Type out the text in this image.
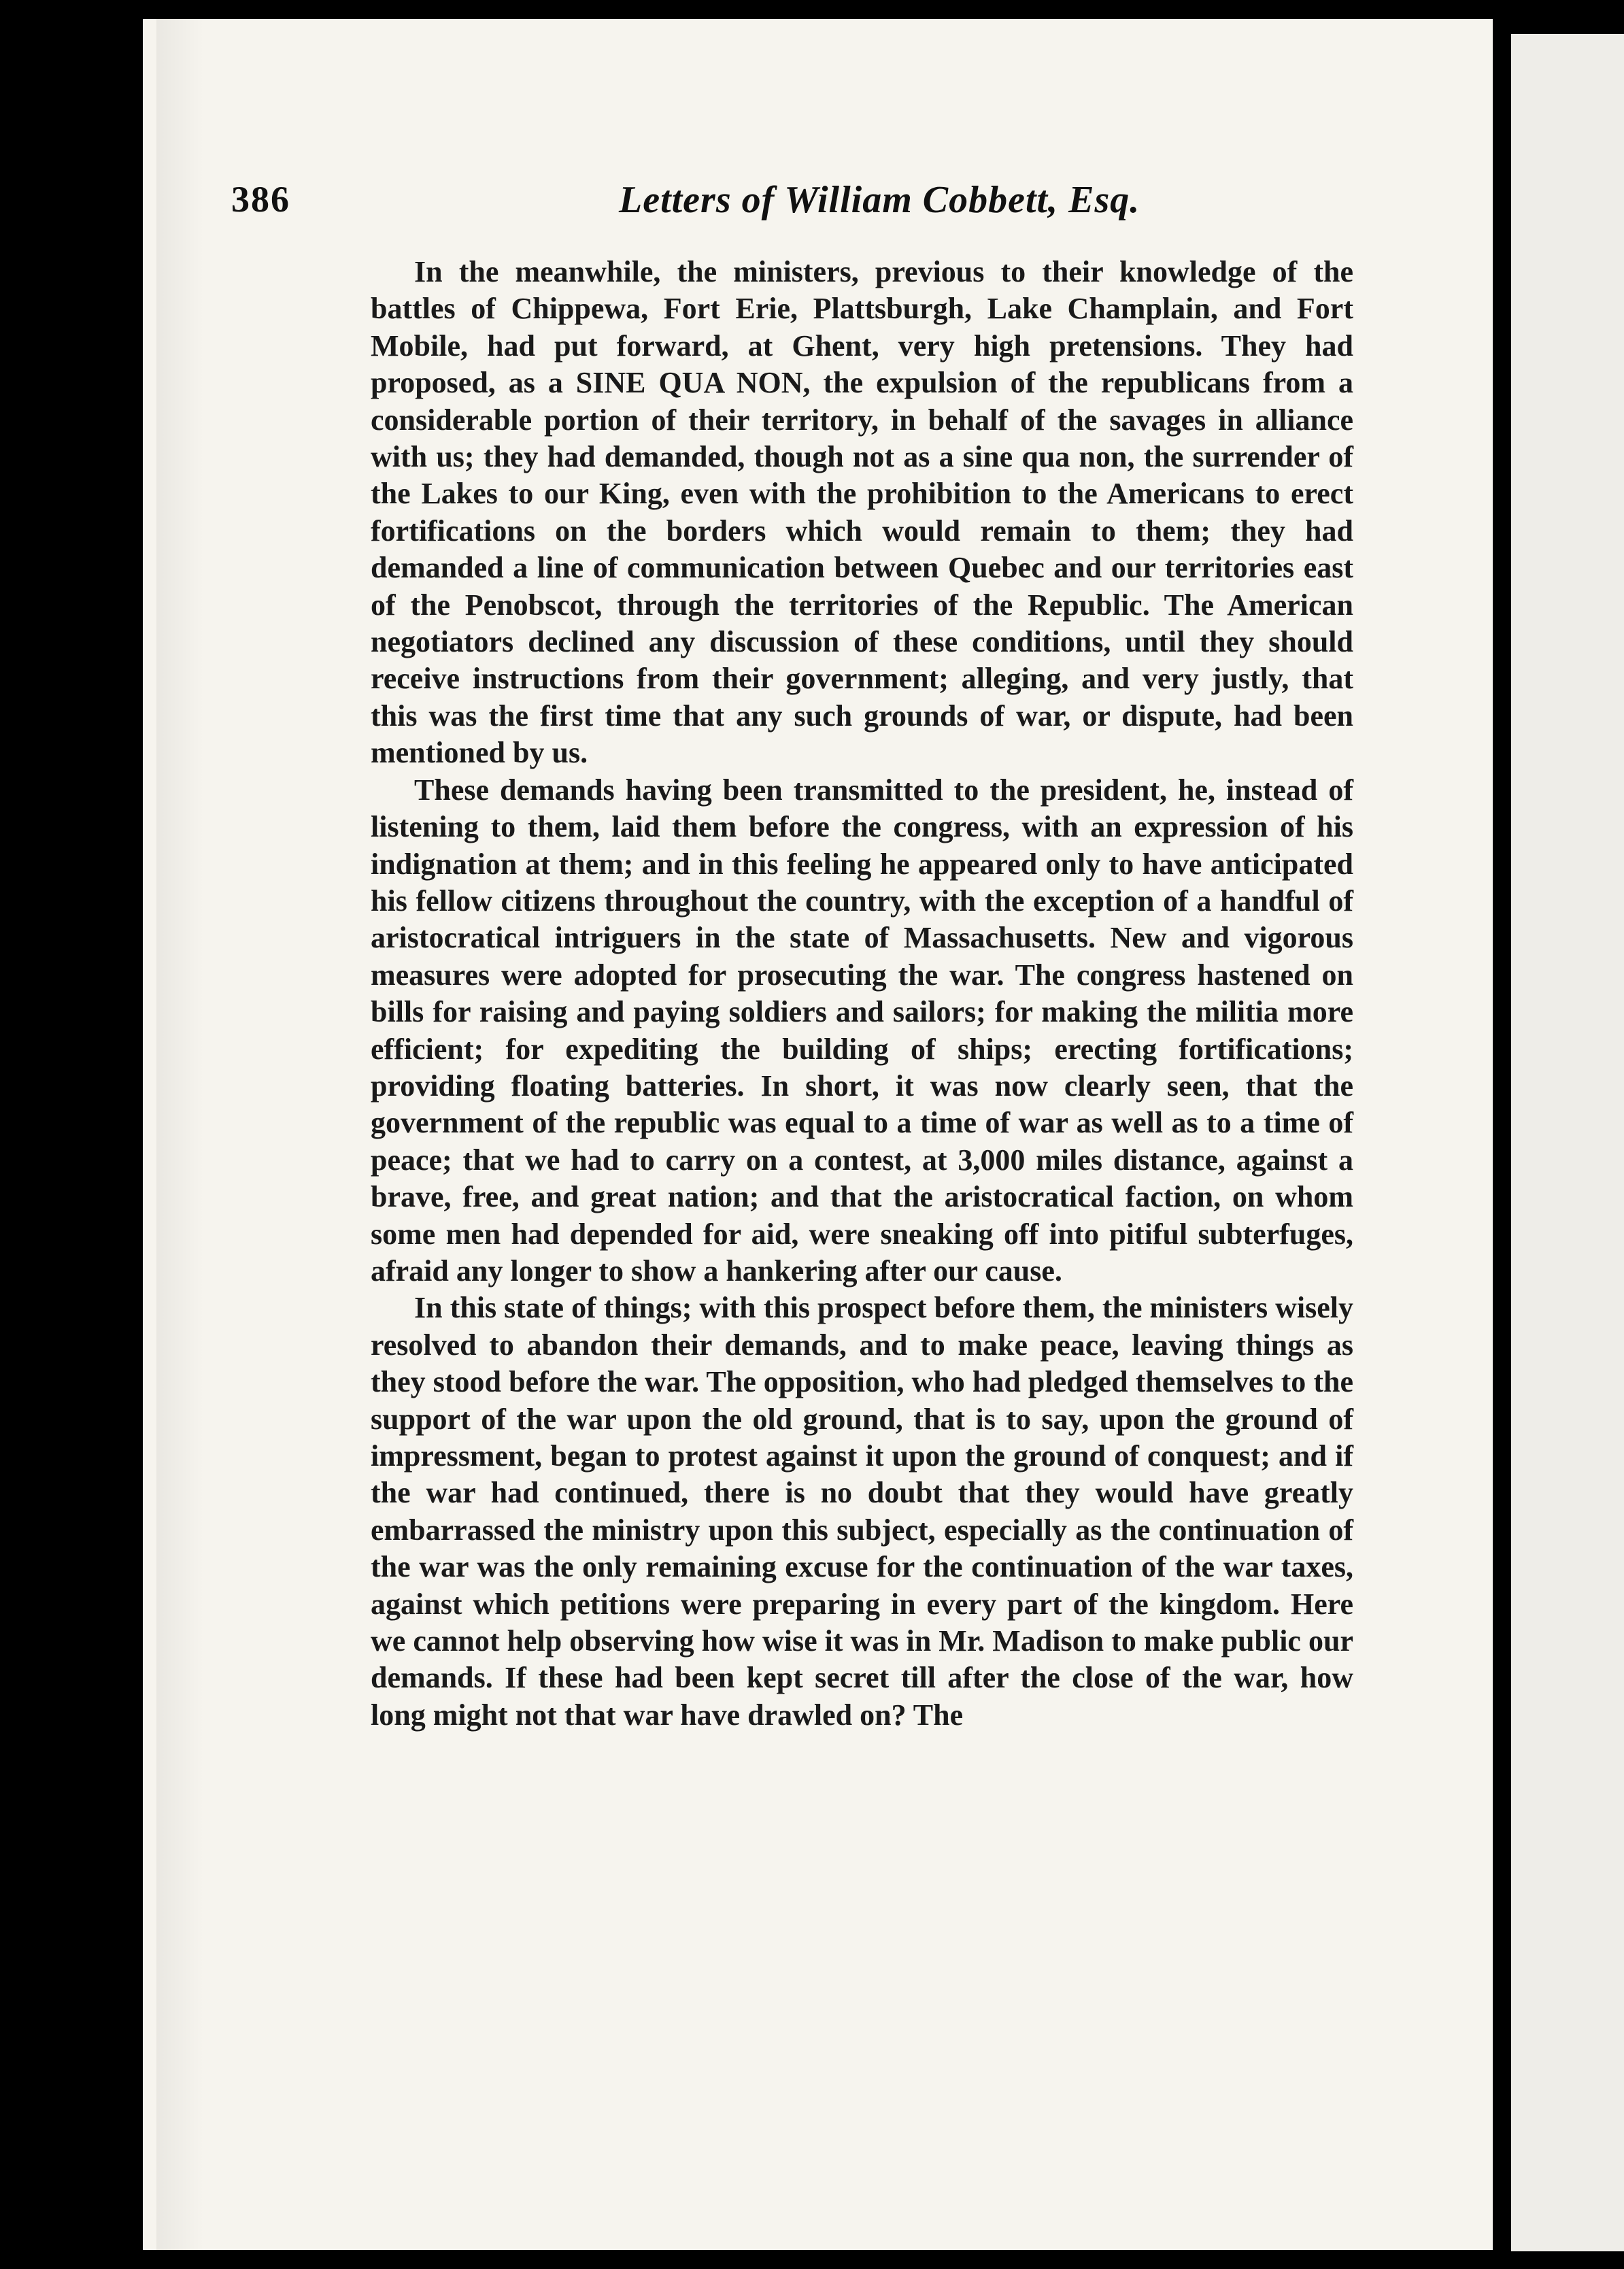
386	Letters of William Cobbett, Esq.

In the meanwhile, the ministers, previous to their knowledge of the battles of Chippewa, Fort Erie, Plattsburgh, Lake Champlain, and Fort Mobile, had put forward, at Ghent, very high pretensions. They had proposed, as a SINE QUA NON, the expulsion of the republicans from a considerable portion of their territory, in behalf of the savages in alliance with us; they had demanded, though not as a sine qua non, the surrender of the Lakes to our King, even with the prohibition to the Americans to erect fortifications on the borders which would remain to them; they had demanded a line of communication between Quebec and our territories east of the Penobscot, through the territories of the Republic. The American negotiators declined any discussion of these conditions, until they should receive instructions from their government; alleging, and very justly, that this was the first time that any such grounds of war, or dispute, had been mentioned by us.

These demands having been transmitted to the president, he, instead of listening to them, laid them before the congress, with an expression of his indignation at them; and in this feeling he appeared only to have anticipated his fellow citizens throughout the country, with the exception of a handful of aristocratical intriguers in the state of Massachusetts. New and vigorous measures were adopted for prosecuting the war. The congress hastened on bills for raising and paying soldiers and sailors; for making the militia more efficient; for expediting the building of ships; erecting fortifications; providing floating batteries. In short, it was now clearly seen, that the government of the republic was equal to a time of war as well as to a time of peace; that we had to carry on a contest, at 3,000 miles distance, against a brave, free, and great nation; and that the aristocratical faction, on whom some men had depended for aid, were sneaking off into pitiful subterfuges, afraid any longer to show a hankering after our cause.

In this state of things; with this prospect before them, the ministers wisely resolved to abandon their demands, and to make peace, leaving things as they stood before the war. The opposition, who had pledged themselves to the support of the war upon the old ground, that is to say, upon the ground of impressment, began to protest against it upon the ground of conquest; and if the war had continued, there is no doubt that they would have greatly embarrassed the ministry upon this subject, especially as the continuation of the war was the only remaining excuse for the continuation of the war taxes, against which petitions were preparing in every part of the kingdom. Here we cannot help observing how wise it was in Mr. Madison to make public our demands. If these had been kept secret till after the close of the war, how long might not that war have drawled on? The
